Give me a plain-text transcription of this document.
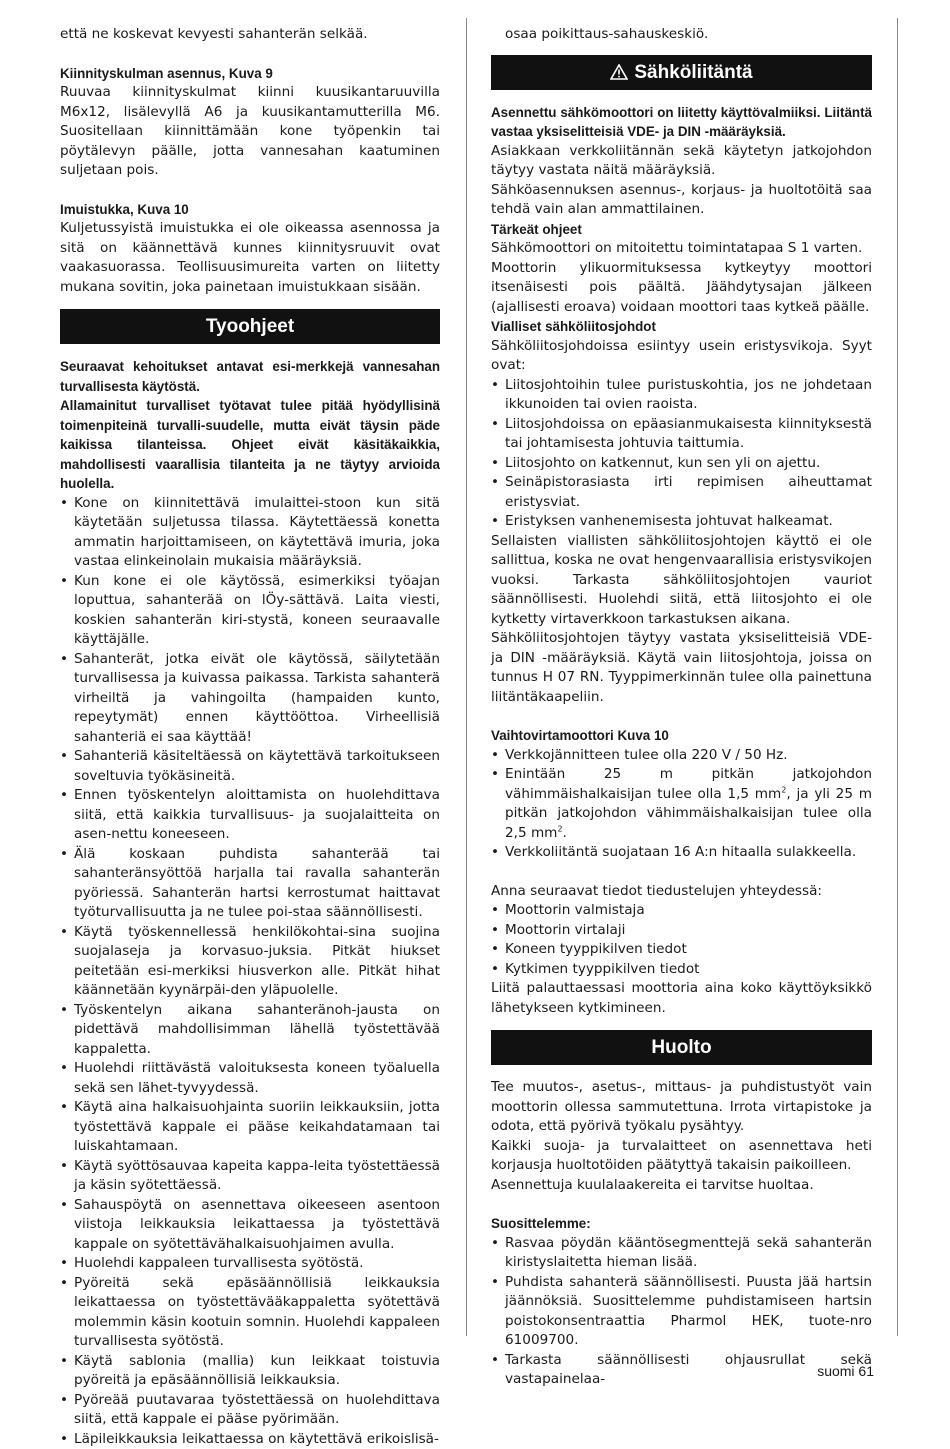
että ne koskevat kevyesti sahanterän selkää.

Kiinnityskulman asennus, Kuva 9

Ruuvaa kiinnityskulmat kiinni kuusikantaruuvilla M6x12, lisälevyllä A6 ja kuusikantamutterilla M6. Suositellaan kiinnittämään kone työpenkin tai pöytälevyn päälle, jotta vannesahan kaatuminen suljetaan pois.

Imuistukka, Kuva 10

Kuljetussyistä imuistukka ei ole oikeassa asennossa ja sitä on käännettävä kunnes kiinnitysruuvit ovat vaakasuorassa. Teollisuusimureita varten on liitetty mukana sovitin, joka painetaan imuistukkaan sisään.

Tyoohjeet

Seuraavat kehoitukset antavat esi-merkkejä vannesahan turvallisesta käytöstä.

Allamainitut turvalliset työtavat tulee pitää hyödyllisinä toimenpiteinä turvalli-suudelle, mutta eivät täysin päde kaikissa tilanteissa. Ohjeet eivät käsitäkaikkia, mahdollisesti vaarallisia tilanteita ja ne täytyy arvioida huolella.

• Kone on kiinnitettävä imulaittei-stoon kun sitä käytetään suljetussa tilassa. Käytettäessä konetta ammatin harjoittamiseen, on käytettävä imuria, joka vastaa elinkeinolain mukaisia määräyksiä.
• Kun kone ei ole käytössä, esimerkiksi työajan loputtua, sahanterää on lÖy-sättävä. Laita viesti, koskien sahanterän kiri-stystä, koneen seuraavalle käyttäjälle.
• Sahanterät, jotka eivät ole käytössä, säilytetään turvallisessa ja kuivassa paikassa. Tarkista sahanterä virheiltä ja vahingoilta (hampaiden kunto, repeytymät) ennen käyttööttoa. Virheellisiä sahanteriä ei saa käyttää!
• Sahanteriä käsiteltäessä on käytettävä tarkoitukseen soveltuvia työkäsineitä.
• Ennen työskentelyn aloittamista on huolehdittava siitä, että kaikkia turvallisuus- ja suojalaitteita on asen-nettu koneeseen.
• Älä koskaan puhdista sahanterää tai sahanteränsyöttöä harjalla tai ravalla sahanterän pyöriessä. Sahanterän hartsi kerrostumat haittavat työturvallisuutta ja ne tulee poi-staa säännöllisesti.
• Käytä työskennellessä henkilökohtai-sina suojina suojalaseja ja korvasuo-juksia. Pitkät hiukset peitetään esi-merkiksi hiusverkon alle. Pitkät hihat käännetään kyynärpäi-den yläpuolelle.
• Työskentelyn aikana sahanteränoh-jausta on pidettävä mahdollisimman lähellä työstettävää kappaletta.
• Huolehdi riittävästä valoituksesta koneen työaluella sekä sen lähet-tyvyydessä.
• Käytä aina halkaisuohjainta suoriin leikkauksiin, jotta työstettävä kappale ei pääse keikahdatamaan tai luiskahtamaan.
• Käytä syöttösauvaa kapeita kappa-leita työstettäessä ja käsin syötettäessä.
• Sahauspöytä on asennettava oikeeseen asentoon viistoja leikkauksia leikattaessa ja työstettävä kappale on syötettävähalkaisuohjaimen avulla.
• Huolehdi kappaleen turvallisesta syötöstä.
• Pyöreitä sekä epäsäännöllisiä leikkauksia leikattaessa on työstettävääkappaletta syötettävä molemmin käsin kootuin somnin. Huolehdi kappaleen turvallisesta syötöstä.
• Käytä sablonia (mallia) kun leikkaat toistuvia pyöreitä ja epäsäännöllisiä leikkauksia.
• Pyöreää puutavaraa työstettäessä on huolehdittava siitä, että kappale ei pääse pyörimään.
• Läpileikkauksia leikattaessa on käytettävä erikoislisä-

osaa poikittaus-sahauskeskiö.

Sähköliitäntä

Asennettu sähkömoottori on liitetty käyttövalmiiksi. Liitäntä vastaa yksiselitteisiä VDE- ja DIN -määräyksiä.

Asiakkaan verkkoliitännän sekä käytetyn jatkojohdon täytyy vastata näitä määräyksiä.

Sähköasennuksen asennus-, korjaus- ja huoltotöitä saa tehdä vain alan ammattilainen.

Tärkeät ohjeet

Sähkömoottori on mitoitettu toimintatapaa S 1 varten.

Moottorin ylikuormituksessa kytkeytyy moottori itsenäisesti pois päältä. Jäähdytysajan jälkeen (ajallisesti eroava) voidaan moottori taas kytkeä päälle.

Vialliset sähköliitosjohdot

Sähköliitosjohdoissa esiintyy usein eristysvikoja. Syyt ovat:

• Liitosjohtoihin tulee puristuskohtia, jos ne johdetaan ikkunoiden tai ovien raoista.
• Liitosjohdoissa on epäasianmukaisesta kiinnityksestä tai johtamisesta johtuvia taittumia.
• Liitosjohto on katkennut, kun sen yli on ajettu.
• Seinäpistorasiasta irti repimisen aiheuttamat eristysviat.
• Eristyksen vanhenemisesta johtuvat halkeamat.

Sellaisten viallisten sähköliitosjohtojen käyttö ei ole sallittua, koska ne ovat hengenvaarallisia eristysvikojen vuoksi. Tarkasta sähköliitosjohtojen vauriot säännöllisesti. Huolehdi siitä, että liitosjohto ei ole kytketty virtaverkkoon tarkastuksen aikana.

Sähköliitosjohtojen täytyy vastata yksiselitteisiä VDE- ja DIN -määräyksiä. Käytä vain liitosjohtoja, joissa on tunnus H 07 RN. Tyyppimerkinnän tulee olla painettuna liitäntäkaapeliin.

Vaihtovirtamoottori Kuva 10

• Verkkojännitteen tulee olla 220 V / 50 Hz.
• Enintään 25 m pitkän jatkojohdon vähimmäishalkaisijan tulee olla 1,5 $mm^2$, ja yli 25 m pitkän jatkojohdon vähimmäishalkaisijan tulee olla 2,5 $mm^2$.
• Verkkoliitäntä suojataan 16 A:n hitaalla sulakkeella.

Anna seuraavat tiedot tiedustelujen yhteydessä:

• Moottorin valmistaja
• Moottorin virtalaji
• Koneen tyyppikilven tiedot
• Kytkimen tyyppikilven tiedot

Liitä palauttaessasi moottoria aina koko käyttöyksikkö lähetykseen kytkimineen.

Huolto

Tee muutos-, asetus-, mittaus- ja puhdistustyöt vain moottorin ollessa sammutettuna. Irrota virtapistoke ja odota, että pyörivä työkalu pysähtyy.

Kaikki suoja- ja turvalaitteet on asennettava heti korjausja huoltotöiden päätyttyä takaisin paikoilleen.

Asennettuja kuulalaakereita ei tarvitse huoltaa.

Suosittelemme:

• Rasvaa pöydän kääntösegmenttejä sekä sahanterän kiristyslaitetta hieman lisää.
• Puhdista sahanterä säännöllisesti. Puusta jää hartsin jäännöksiä. Suosittelemme puhdistamiseen hartsin poistokonsentraattia Pharmol HEK, tuote-nro 61009700.
• Tarkasta säännöllisesti ohjausrullat sekä vastapainelaa-	suomi 61
